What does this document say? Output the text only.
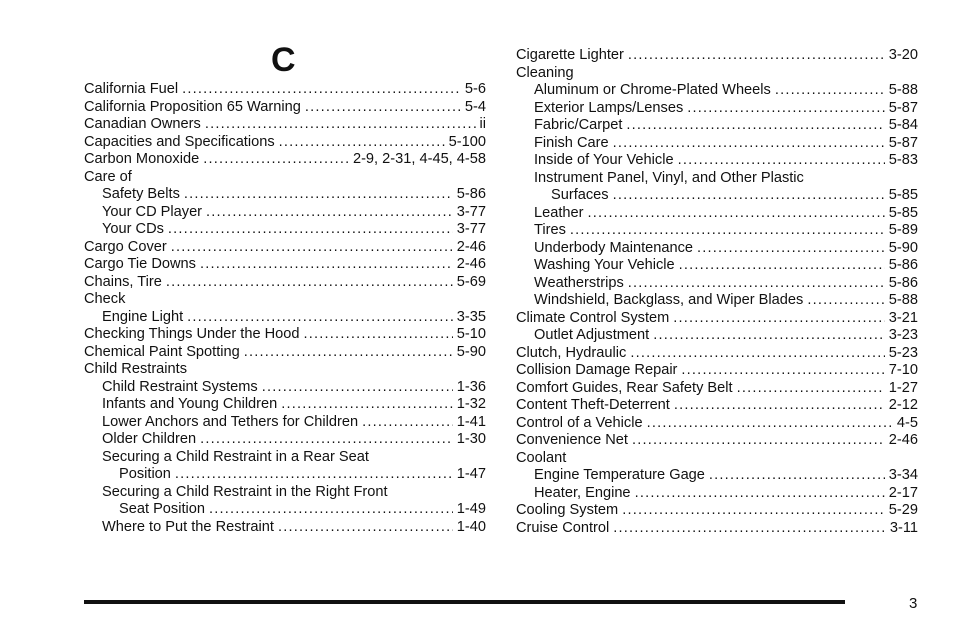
C
California Fuel .....	5-6
California Proposition 65 Warning .....	5-4
Canadian Owners .....	ii
Capacities and Specifications .....	5-100
Carbon Monoxide .....	2-9, 2-31, 4-45, 4-58
Care of
Safety Belts .....	5-86
Your CD Player .....	3-77
Your CDs .....	3-77
Cargo Cover .....	2-46
Cargo Tie Downs .....	2-46
Chains, Tire .....	5-69
Check
Engine Light .....	3-35
Checking Things Under the Hood .....	5-10
Chemical Paint Spotting .....	5-90
Child Restraints
Child Restraint Systems .....	1-36
Infants and Young Children .....	1-32
Lower Anchors and Tethers for Children .....	1-41
Older Children .....	1-30
Securing a Child Restraint in a Rear Seat
Position .....	1-47
Securing a Child Restraint in the Right Front
Seat Position .....	1-49
Where to Put the Restraint .....	1-40
Cigarette Lighter .....	3-20
Cleaning
Aluminum or Chrome-Plated Wheels .....	5-88
Exterior Lamps/Lenses .....	5-87
Fabric/Carpet .....	5-84
Finish Care .....	5-87
Inside of Your Vehicle .....	5-83
Instrument Panel, Vinyl, and Other Plastic
Surfaces .....	5-85
Leather .....	5-85
Tires .....	5-89
Underbody Maintenance .....	5-90
Washing Your Vehicle .....	5-86
Weatherstrips .....	5-86
Windshield, Backglass, and Wiper Blades .....	5-88
Climate Control System .....	3-21
Outlet Adjustment .....	3-23
Clutch, Hydraulic .....	5-23
Collision Damage Repair .....	7-10
Comfort Guides, Rear Safety Belt .....	1-27
Content Theft-Deterrent .....	2-12
Control of a Vehicle .....	4-5
Convenience Net .....	2-46
Coolant
Engine Temperature Gage .....	3-34
Heater, Engine .....	2-17
Cooling System .....	5-29
Cruise Control .....	3-11
3
